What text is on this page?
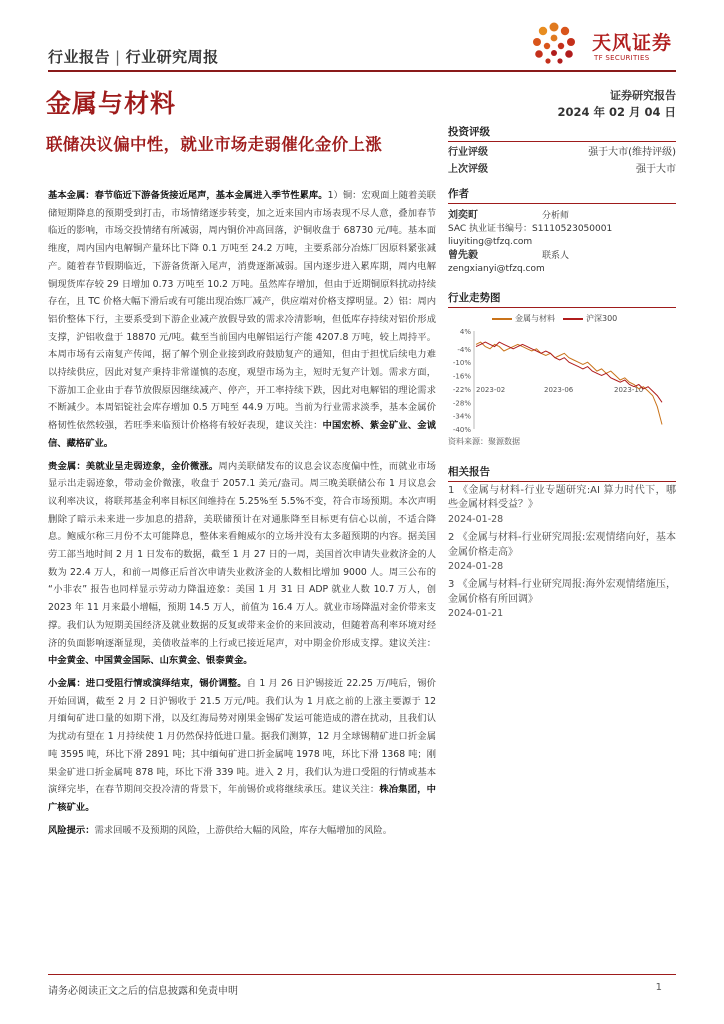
行业报告 | 行业研究周报
天风证券
TF SECURITIES
金属与材料	证券研究报告
2024 年 02 月 04 日
联储决议偏中性，就业市场走弱催化金价上涨

基本金属：春节临近下游备货接近尾声，基本金属进入季节性累库。1）铜：宏观面上随着美联储短期降息的预期受到打击，市场情绪逐步转变，加之近来国内市场表现不尽人意，叠加春节临近的影响，市场交投情绪有所减弱，周内铜价冲高回落，沪铜收盘于 68730 元/吨。基本面维度，周内国内电解铜产量环比下降 0.1 万吨至 24.2 万吨，主要系部分冶炼厂因原料紧张减产。随着春节假期临近，下游备货渐入尾声，消费逐渐减弱。国内逐步进入累库期，周内电解铜现货库存较 29 日增加 0.73 万吨至 10.2 万吨。虽然库存增加，但由于近期铜原料扰动持续存在，且 TC 价格大幅下滑后或有可能出现冶炼厂减产，供应端对价格支撑明显。2）铝：周内铝价整体下行，主要系受到下游企业减产放假导致的需求冷清影响，但低库存持续对铝价形成支撑，沪铝收盘于 18870 元/吨。截至当前国内电解铝运行产能 4207.8 万吨，较上周持平。本周市场有云南复产传闻，据了解个别企业接到政府鼓励复产的通知，但由于担忧后续电力难以持续供应，因此对复产秉持非常谨慎的态度，观望市场为主，短时无复产计划。需求方面，下游加工企业由于春节放假原因继续减产、停产，开工率持续下跌，因此对电解铝的理论需求不断减少。本周铝锭社会库存增加 0.5 万吨至 44.9 万吨。当前为行业需求淡季，基本金属价格韧性依然较强，若旺季来临预计价格将有较好表现，建议关注：中国宏桥、紫金矿业、金诚信、藏格矿业。

贵金属：美就业呈走弱迹象，金价微涨。周内美联储发布的议息会议态度偏中性，而就业市场显示出走弱迹象，带动金价微涨，收盘于 2057.1 美元/盎司。周三晚美联储公布 1 月议息会议利率决议，将联邦基金利率目标区间维持在 5.25%至 5.5%不变，符合市场预期。本次声明删除了暗示未来进一步加息的措辞，美联储预计在对通胀降至目标更有信心以前，不适合降息。鲍威尔称三月份不太可能降息，整体来看鲍威尔的立场并没有太多超预期的内容。据美国劳工部当地时间 2 月 1 日发布的数据，截至 1 月 27 日的一周，美国首次申请失业救济金的人数为 22.4 万人，和前一周修正后首次申请失业救济金的人数相比增加 9000 人。周三公布的 “小非农” 报告也同样显示劳动力降温迹象：美国 1 月 31 日 ADP 就业人数 10.7 万人，创 2023 年 11 月来最小增幅，预期 14.5 万人，前值为 16.4 万人。就业市场降温对金价带来支撑。我们认为短期美国经济及就业数据的反复或带来金价的来回波动，但随着高利率环境对经济的负面影响逐渐显现，美债收益率的上行或已接近尾声，对中期金价形成支撑。建议关注：中金黄金、中国黄金国际、山东黄金、银泰黄金。

小金属：进口受阻行情或演绎结束，锡价调整。自 1 月 26 日沪锡接近 22.25 万/吨后，锡价开始回调，截至 2 月 2 日沪锡收于 21.5 万元/吨。我们认为 1 月底之前的上涨主要源于 12 月缅甸矿进口量的如期下滑，以及红海局势对刚果金锡矿发运可能造成的潜在扰动，且我们认为扰动有望在 1 月持续使 1 月仍然保持低进口量。据我们测算，12 月全球锡精矿进口折金属吨 3595 吨，环比下滑 2891 吨；其中缅甸矿进口折金属吨 1978 吨，环比下滑 1368 吨；刚果金矿进口折金属吨 878 吨，环比下滑 339 吨。进入 2 月，我们认为进口受阻的行情或基本演绎完毕，在春节期间交投冷清的背景下，年前锡价或将继续承压。建议关注：株冶集团，中广核矿业。

风险提示：需求回暖不及预期的风险，上游供给大幅的风险，库存大幅增加的风险。

投资评级
行业评级	强于大市(维持评级)
上次评级	强于大市
作者
刘奕町	分析师
SAC 执业证书编号：S1110523050001
liuyiting@tfzq.com
曾先毅	联系人
zengxianyi@tfzq.com
行业走势图
金属与材料	沪深300
4%
-4%
-10%
-16%
-22%
-28%
-34%
-40%
2023-02	2023-06	2023-10
资料来源：聚源数据
相关报告
1 《金属与材料-行业专题研究:AI 算力时代下，哪些金属材料受益？》
2024-01-28
2 《金属与材料-行业研究周报:宏观情绪向好，基本金属价格走高》
2024-01-28
3 《金属与材料-行业研究周报:海外宏观情绪施压，金属价格有所回调》
2024-01-21
请务必阅读正文之后的信息披露和免责申明	1
